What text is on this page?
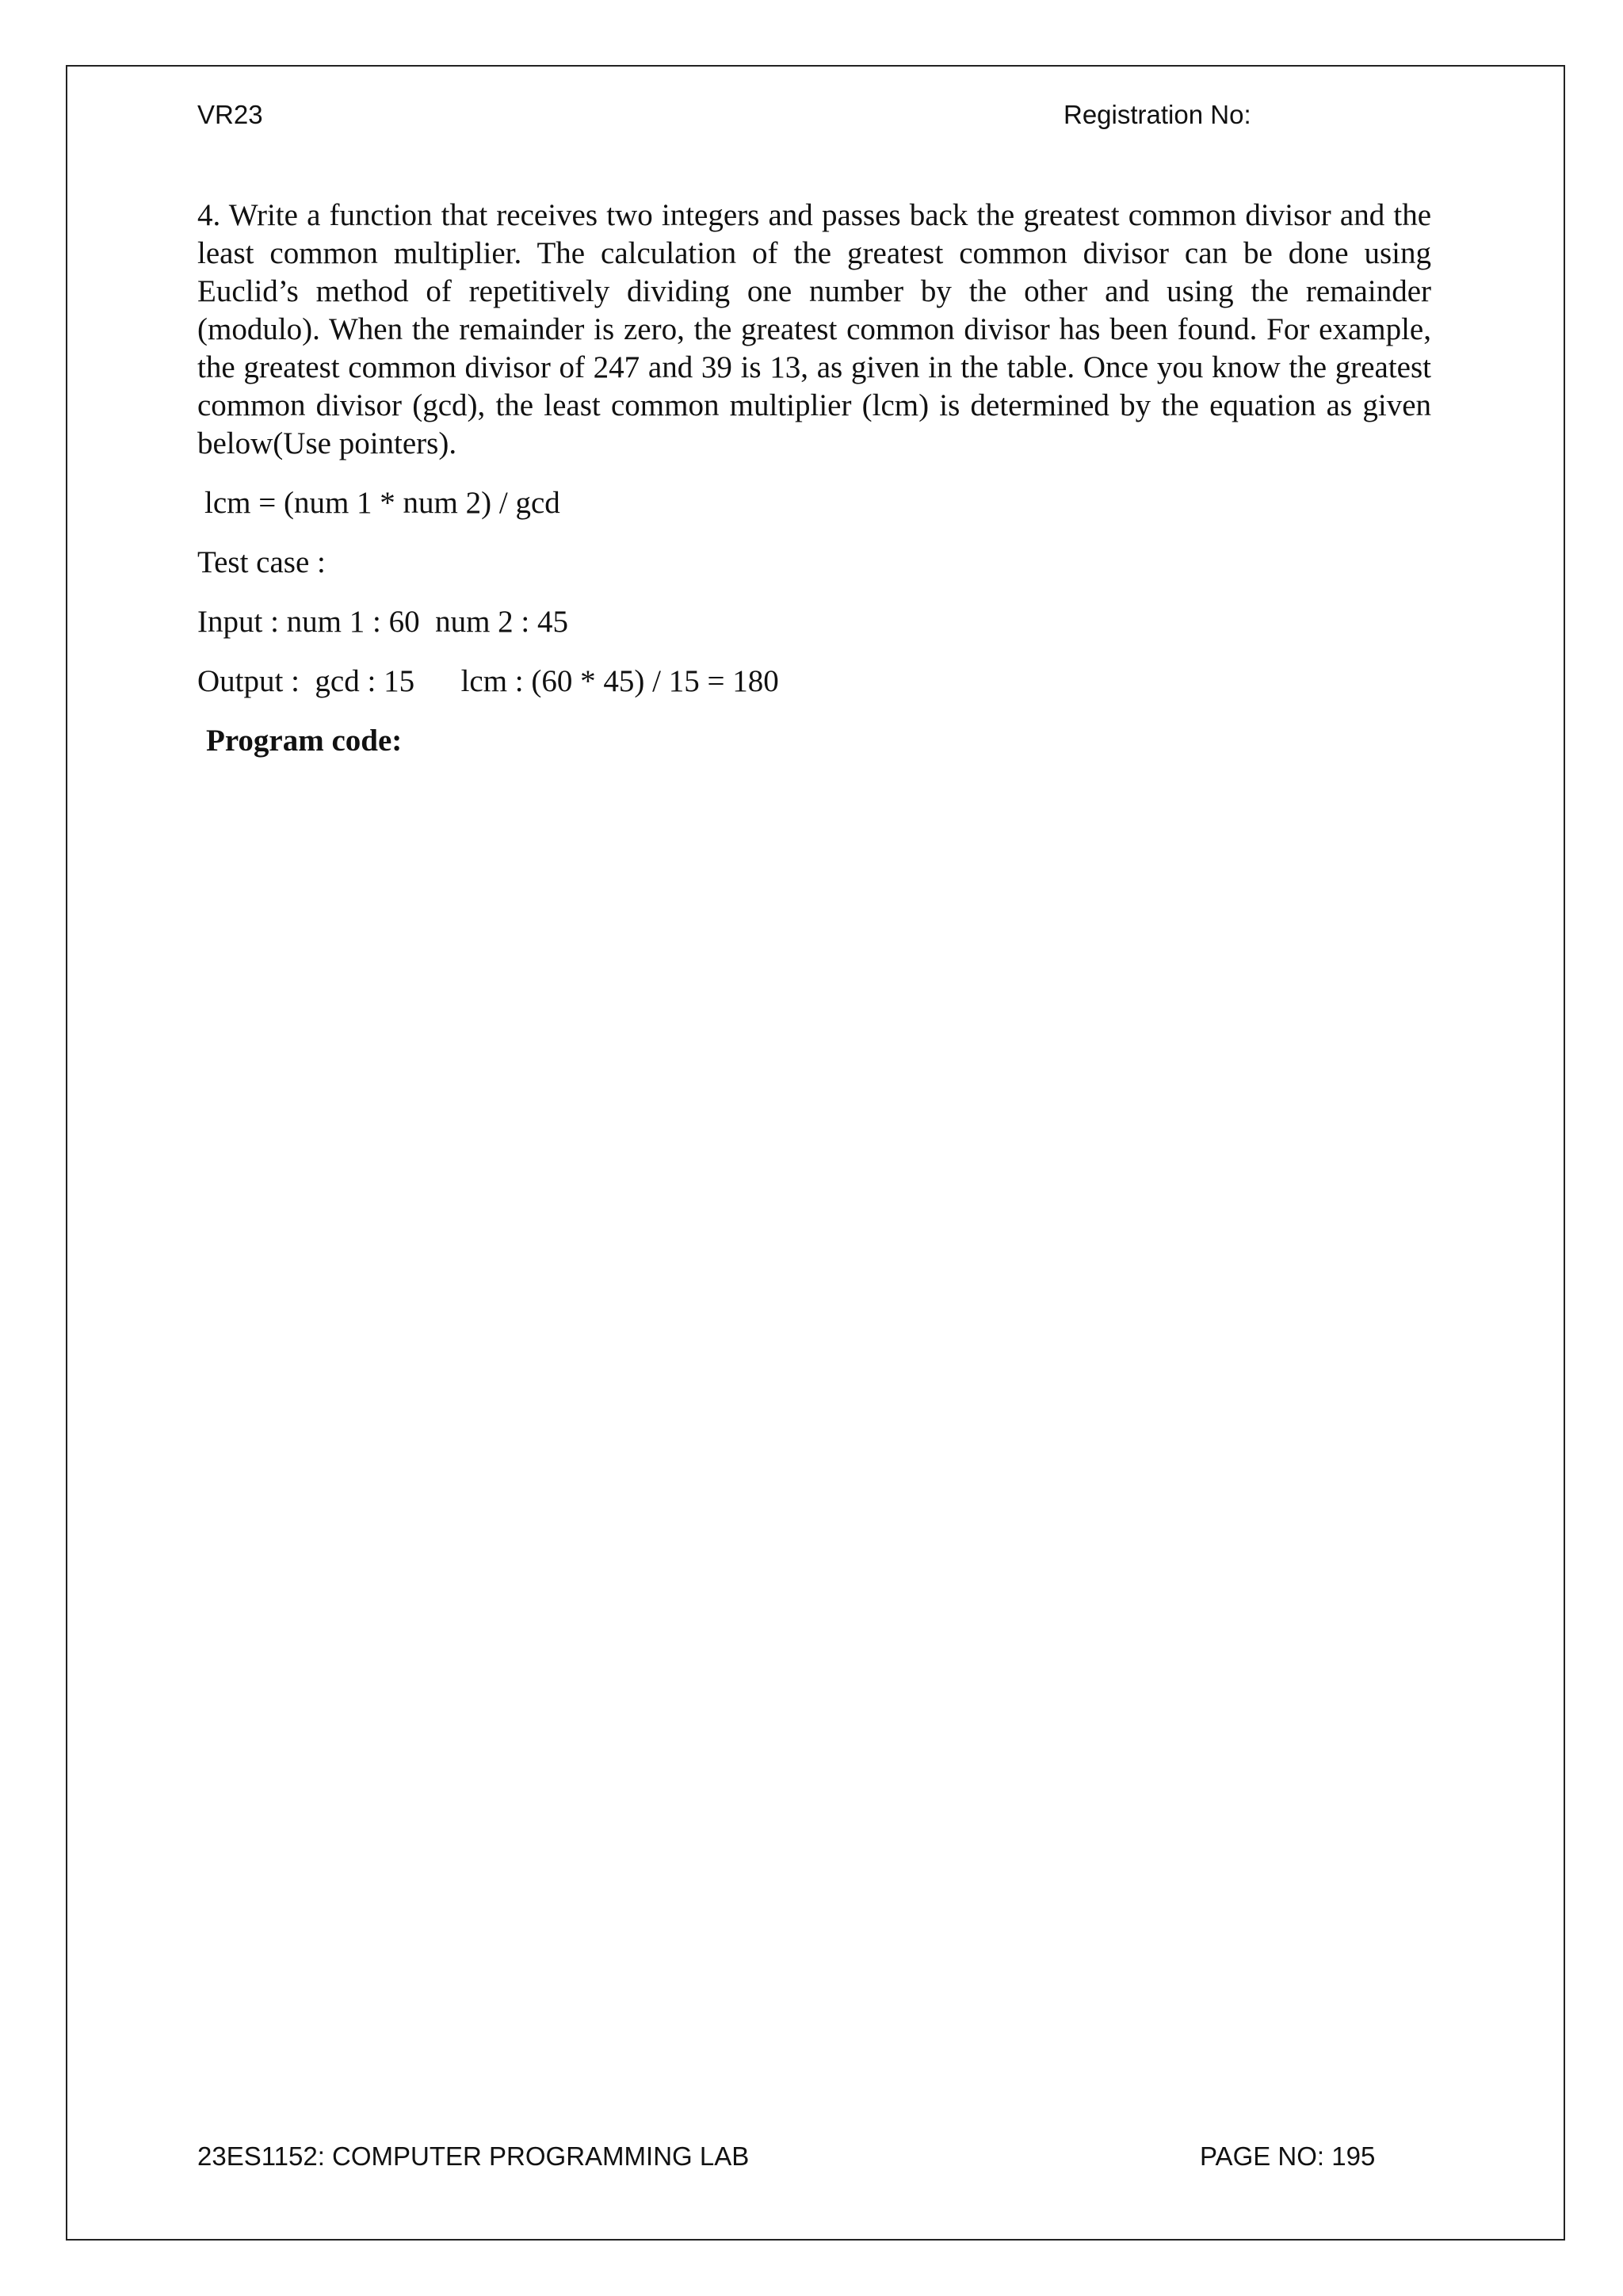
VR23	Registration No:

4. Write a function that receives two integers and passes back the greatest common divisor and the least common multiplier. The calculation of the greatest common divisor can be done using Euclid’s method of repetitively dividing one number by the other and using the remainder (modulo). When the remainder is zero, the greatest common divisor has been found. For example, the greatest common divisor of 247 and 39 is 13, as given in the table. Once you know the greatest common divisor (gcd), the least common multiplier (lcm) is determined by the equation as given below(Use pointers).

lcm = (num 1 * num 2) / gcd

Test case :

Input : num 1 : 60  num 2 : 45

Output :  gcd : 15      lcm : (60 * 45) / 15 = 180

Program code:

23ES1152: COMPUTER PROGRAMMING LAB	PAGE NO: 195
